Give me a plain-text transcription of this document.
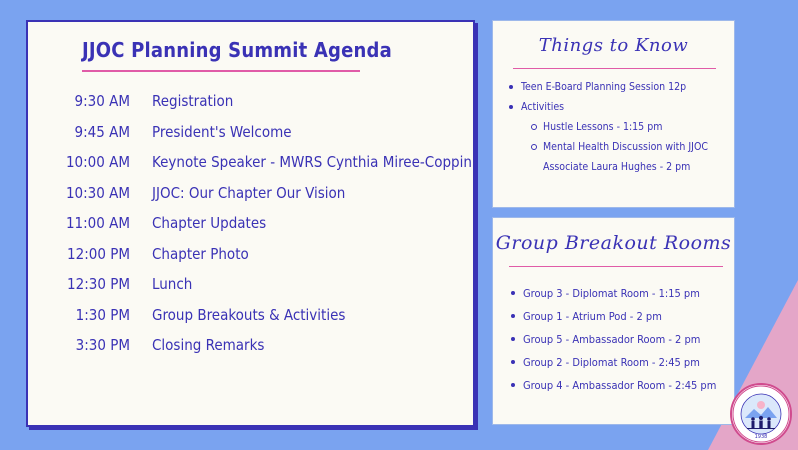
JJOC Planning Summit Agenda
9:30 AM Registration
9:45 AM President's Welcome
10:00 AM Keynote Speaker - MWRS Cynthia Miree-Coppin
10:30 AM JJOC: Our Chapter Our Vision
11:00 AM Chapter Updates
12:00 PM Chapter Photo
12:30 PM Lunch
1:30 PM Group Breakouts & Activities
3:30 PM Closing Remarks
Things to Know
Teen E-Board Planning Session 12p
Activities
Hustle Lessons - 1:15 pm
Mental Health Discussion with JJOC Associate Laura Hughes - 2 pm
Group Breakout Rooms
Group 3 - Diplomat Room - 1:15 pm
Group 1 - Atrium Pod - 2 pm
Group 5 - Ambassador Room - 2 pm
Group 2 - Diplomat Room - 2:45 pm
Group 4 - Ambassador Room - 2:45 pm
1938
